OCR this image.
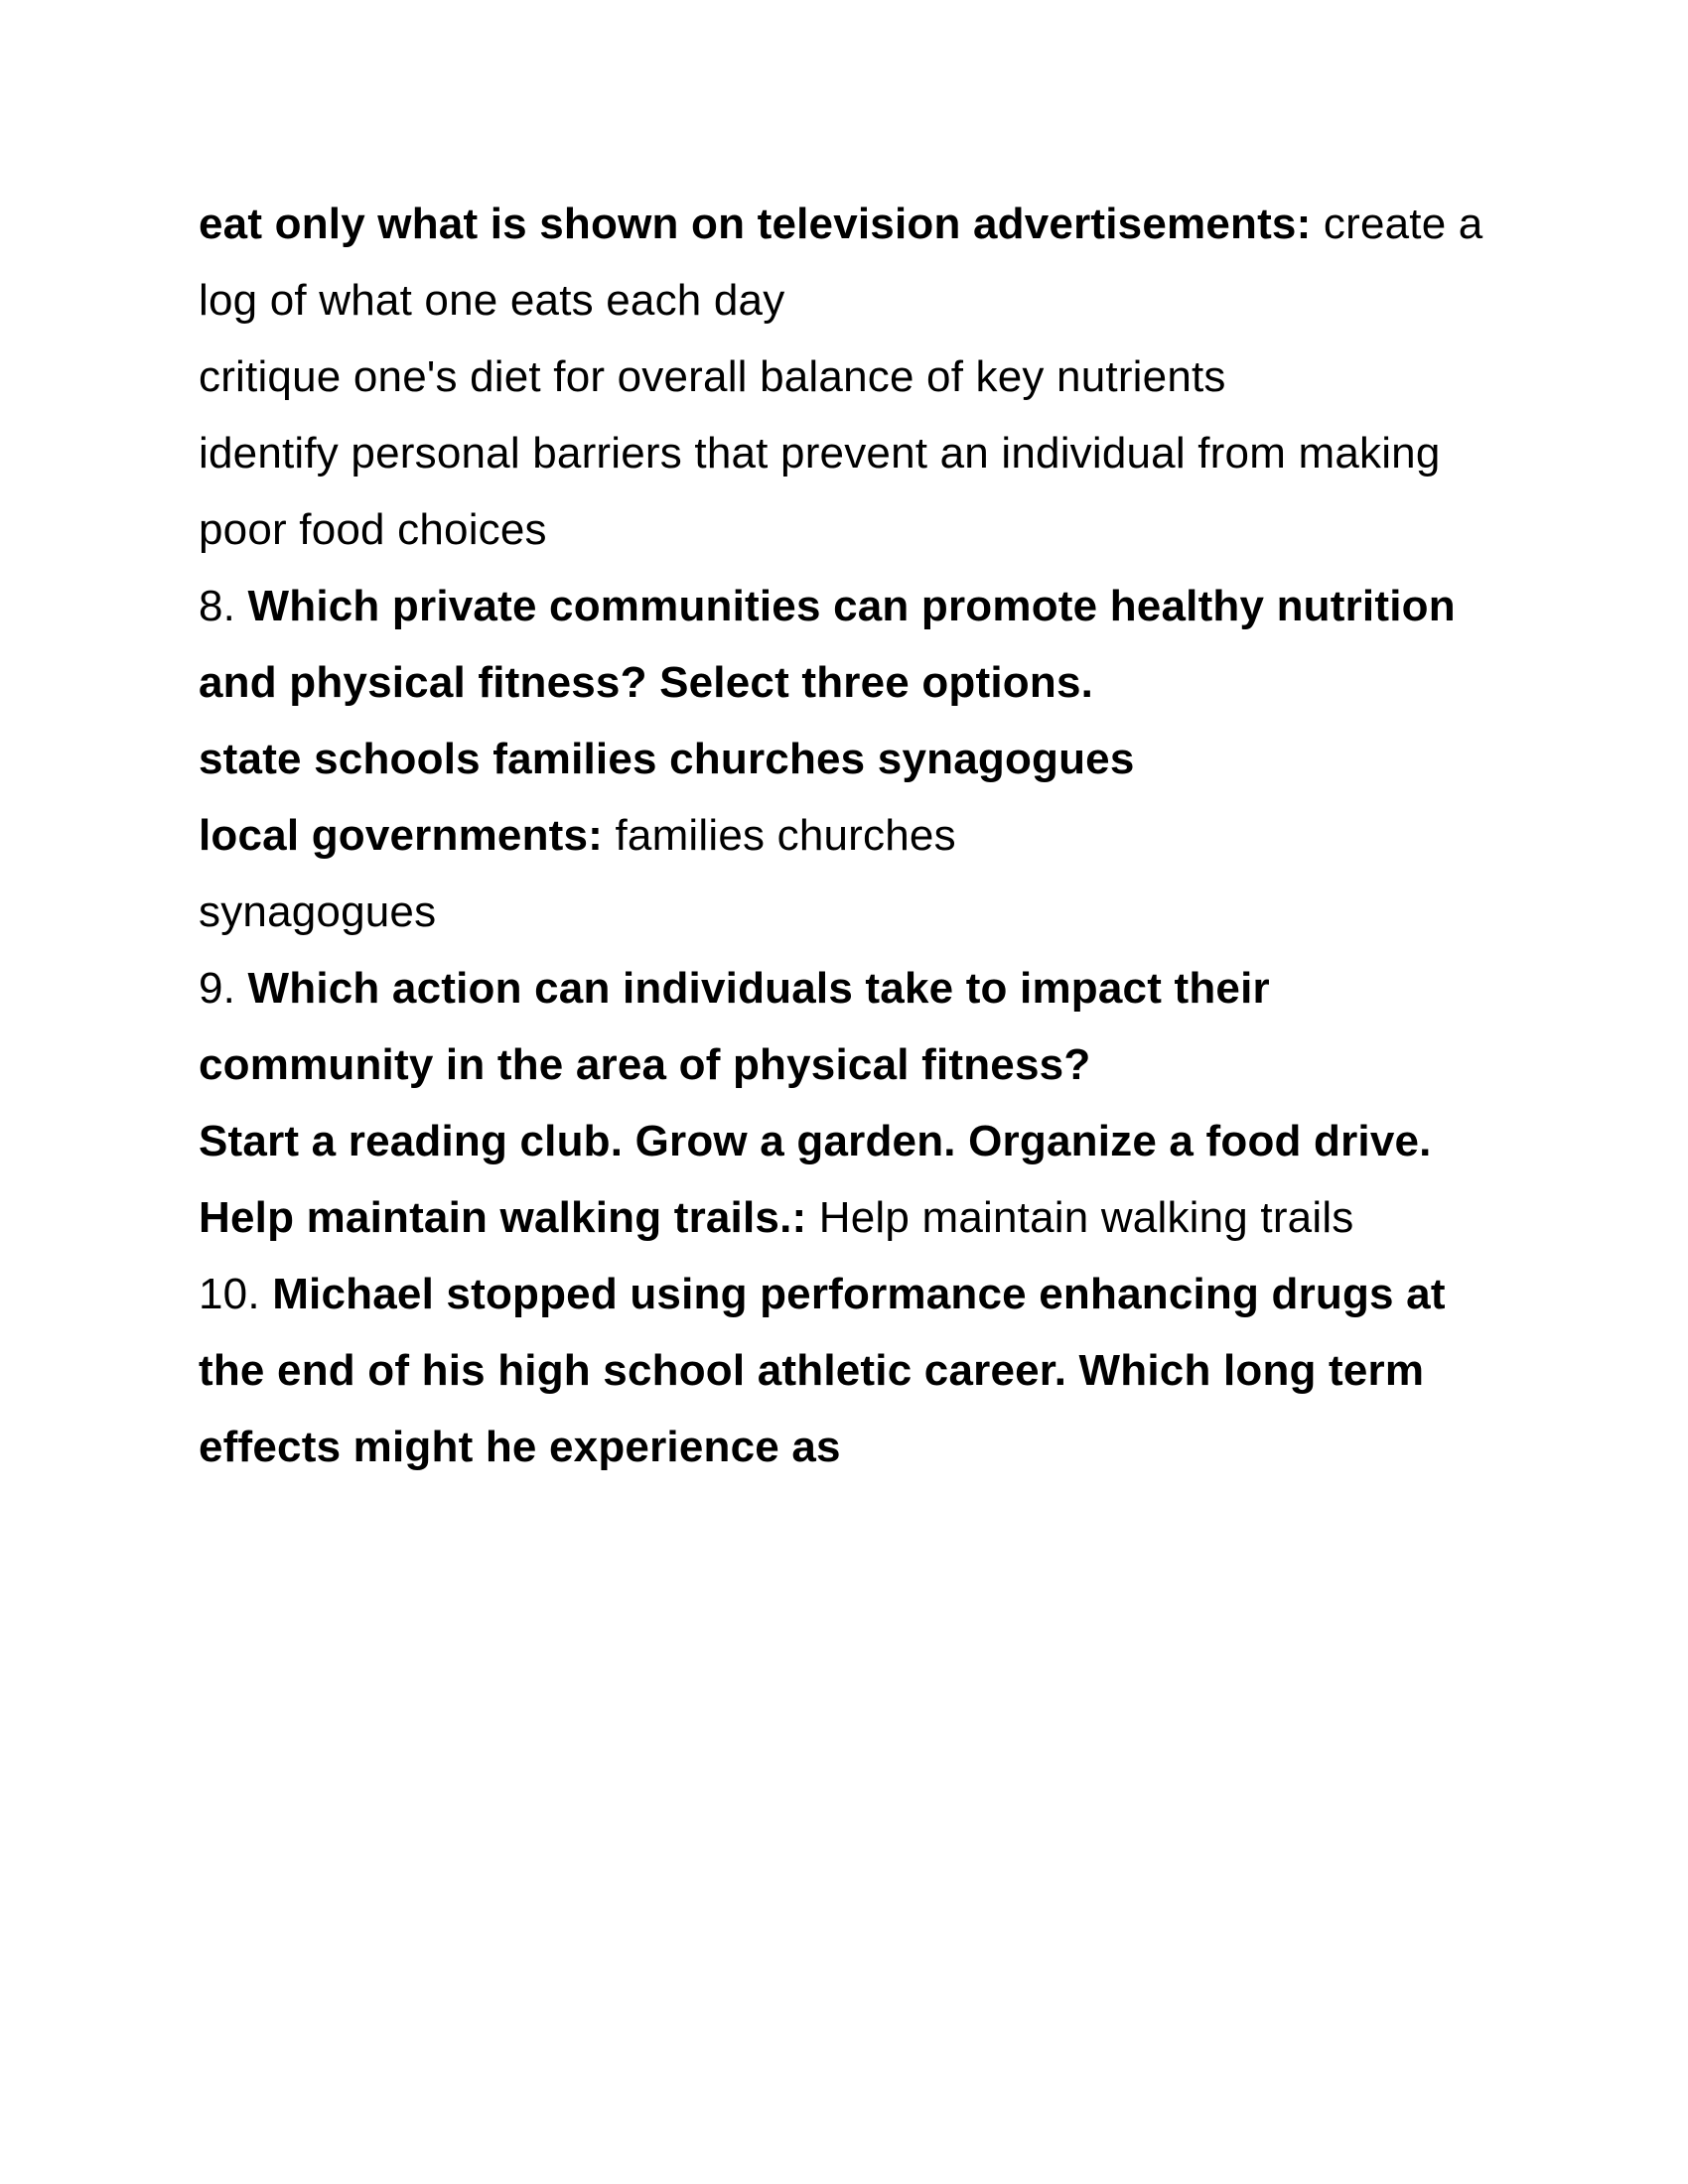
eat only what is shown on television advertisements: create a

log of what one eats each day

critique one's diet for overall balance of key nutrients

identify personal barriers that prevent an individual from making

poor food choices

8. Which private communities can promote healthy nutrition

and physical fitness? Select three options.

state schools families churches synagogues

local governments: families churches

synagogues

9. Which action can individuals take to impact their

community in the area of physical fitness?

Start a reading club. Grow a garden. Organize a food drive.

Help maintain walking trails.: Help maintain walking trails

10. Michael stopped using performance enhancing drugs at

the end of his high school athletic career. Which long term

effects might he experience as
